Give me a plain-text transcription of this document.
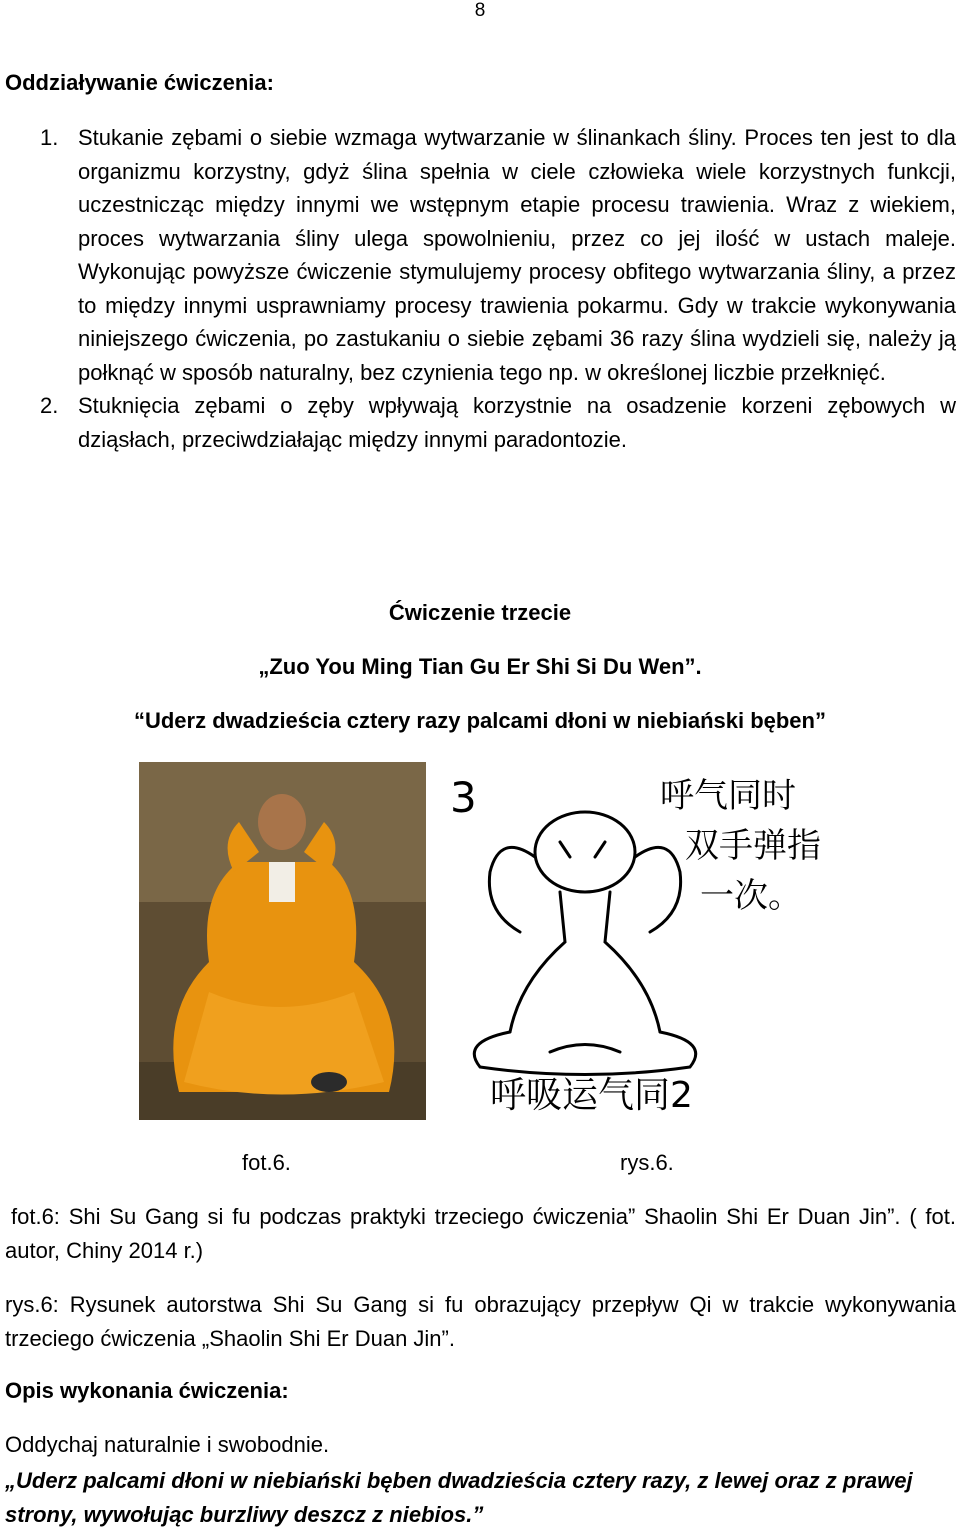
8
Oddziaływanie ćwiczenia:
1. Stukanie zębami o siebie wzmaga wytwarzanie w ślinankach śliny. Proces ten jest to dla organizmu korzystny, gdyż ślina spełnia w ciele człowieka wiele korzystnych funkcji, uczestnicząc między innymi we wstępnym etapie procesu trawienia. Wraz z wiekiem, proces wytwarzania śliny ulega spowolnieniu, przez co jej ilość w ustach maleje. Wykonując powyższe ćwiczenie stymulujemy procesy obfitego wytwarzania śliny, a przez to między innymi usprawniamy procesy trawienia pokarmu. Gdy w trakcie wykonywania niniejszego ćwiczenia, po zastukaniu o siebie zębami 36 razy ślina wydzieli się, należy ją połknąć w sposób naturalny, bez czynienia tego np. w określonej liczbie przełknięć.
2. Stuknięcia zębami o zęby wpływają korzystnie na osadzenie korzeni zębowych w dziąsłach, przeciwdziałając między innymi paradontozie.
Ćwiczenie trzecie
„Zuo You Ming Tian Gu Er Shi Si Du Wen”.
“Uderz dwadzieścia cztery razy palcami dłoni w niebiański bęben”
3	呼气同时
双手弹指
一次。
呼吸运气同2
fot.6.	rys.6.
fot.6: Shi Su Gang si fu podczas praktyki trzeciego ćwiczenia” Shaolin Shi Er Duan Jin”. ( fot. autor, Chiny 2014 r.)
rys.6: Rysunek autorstwa Shi Su Gang si fu obrazujący przepływ Qi w trakcie wykonywania trzeciego ćwiczenia „Shaolin Shi Er Duan Jin”.
Opis wykonania ćwiczenia:
Oddychaj naturalnie i swobodnie.
„Uderz palcami dłoni w niebiański bęben dwadzieścia cztery razy, z lewej oraz z prawej strony, wywołując burzliwy deszcz z niebios.”
